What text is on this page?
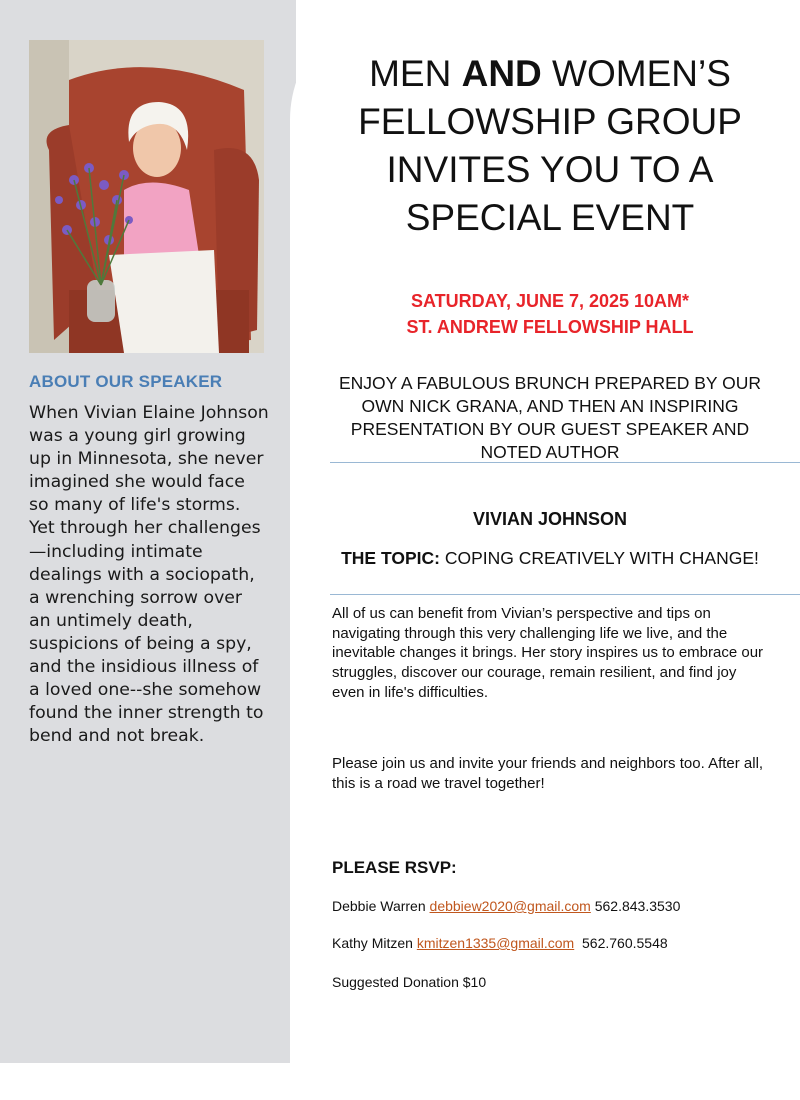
ABOUT OUR SPEAKER

When Vivian Elaine Johnson was a young girl growing up in Minnesota, she never imagined she would face so many of life's storms. Yet through her challenges—including intimate dealings with a sociopath, a wrenching sorrow over an untimely death, suspicions of being a spy, and the insidious illness of a loved one--she somehow found the inner strength to bend and not break.

MEN AND WOMEN’S FELLOWSHIP GROUP INVITES YOU TO A SPECIAL EVENT
SATURDAY, JUNE 7, 2025 10AM*
ST. ANDREW FELLOWSHIP HALL

ENJOY A FABULOUS BRUNCH PREPARED BY OUR OWN NICK GRANA, AND THEN AN INSPIRING PRESENTATION BY OUR GUEST SPEAKER AND NOTED AUTHOR

VIVIAN JOHNSON

THE TOPIC: COPING CREATIVELY WITH CHANGE!

All of us can benefit from Vivian’s perspective and tips on navigating through this very challenging life we live, and the inevitable changes it brings. Her story inspires us to embrace our struggles, discover our courage, remain resilient, and find joy even in life's difficulties.

Please join us and invite your friends and neighbors too. After all, this is a road we travel together!

PLEASE RSVP:

Debbie Warren debbiew2020@gmail.com 562.843.3530

Kathy Mitzen kmitzen1335@gmail.com  562.760.5548

Suggested Donation $10
